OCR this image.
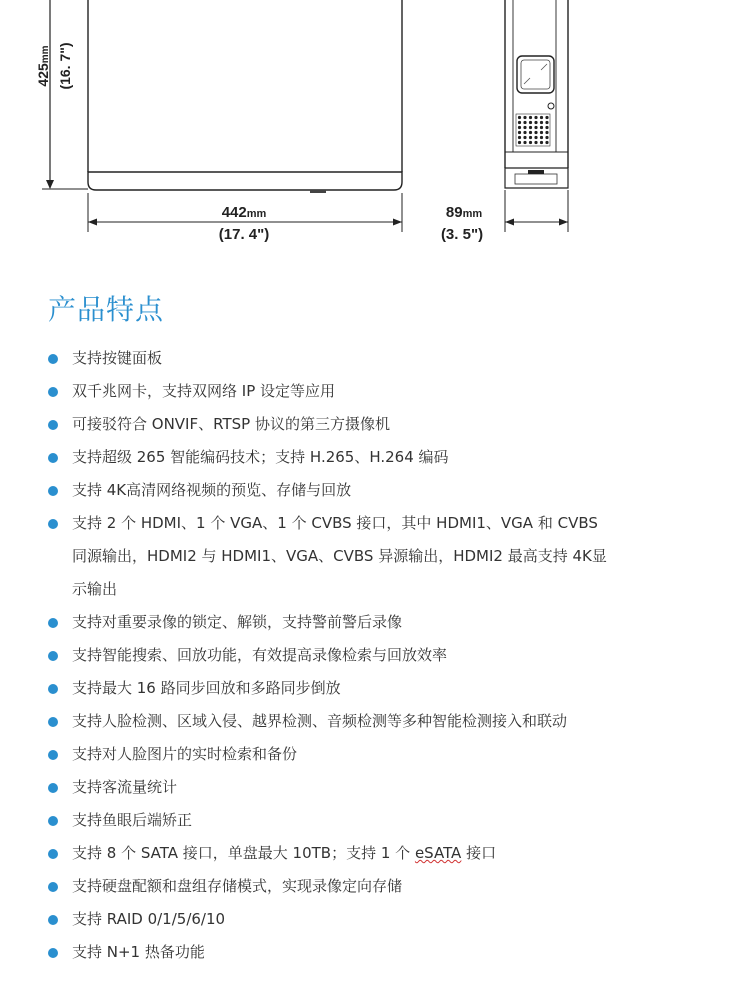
425mm (16. 7")
442mm
(17. 4")
89mm
(3. 5")
产品特点
支持按键面板
双千兆网卡，支持双网络 IP 设定等应用
可接驳符合 ONVIF、RTSP 协议的第三方摄像机
支持超级 265 智能编码技术；支持 H.265、H.264 编码
支持 4K高清网络视频的预览、存储与回放
支持 2 个 HDMI、1 个 VGA、1 个 CVBS 接口，其中 HDMI1、VGA 和 CVBS 同源输出，HDMI2 与 HDMI1、VGA、CVBS 异源输出，HDMI2 最高支持 4K显示输出
支持对重要录像的锁定、解锁，支持警前警后录像
支持智能搜索、回放功能，有效提高录像检索与回放效率
支持最大 16 路同步回放和多路同步倒放
支持人脸检测、区域入侵、越界检测、音频检测等多种智能检测接入和联动
支持对人脸图片的实时检索和备份
支持客流量统计
支持鱼眼后端矫正
支持 8 个 SATA 接口，单盘最大 10TB；支持 1 个 eSATA 接口
支持硬盘配额和盘组存储模式，实现录像定向存储
支持 RAID 0/1/5/6/10
支持 N+1 热备功能
